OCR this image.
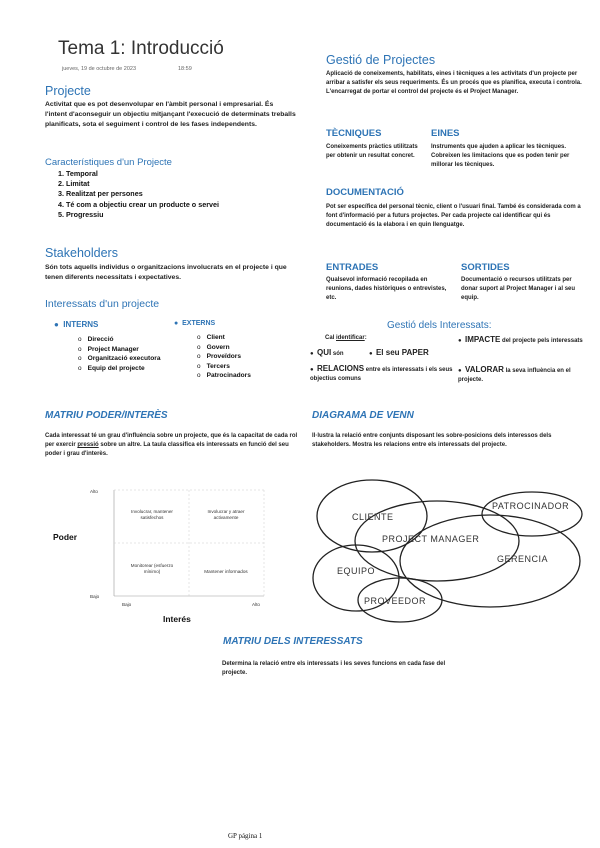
Tema 1: Introducció
jueves, 19 de octubre de 2023	18:59
Projecte
Activitat que es pot desenvolupar en l'àmbit personal i empresarial. És l'intent d'aconseguir un objectiu mitjançant l'execució de determinats treballs planificats, sota el seguiment i control de les fases independents.
Característiques d'un Projecte
1. Temporal
2. Limitat
3. Realitzat per persones
4. Té com a objectiu crear un producte o servei
5. Progressiu
Stakeholders
Són tots aquells individus o organitzacions involucrats en el projecte i que tenen diferents necessitats i expectatives.
Interessats d'un projecte
●  INTERNS
o Direcció
o Project Manager
o Organització executora
o Equip del projecte
●  EXTERNS
o Client
o Govern
o Proveïdors
o Tercers
o Patrocinadors
MATRIU PODER/INTERÈS
Cada interessat té un grau d'influència sobre un projecte, que és la capacitat de cada rol per exercir pressió sobre un altre. La taula classifica els interessats en funció del seu poder i grau d'interès.
Poder
Interés
Alto
Bajo
Bajo	Alto
Involucrar, mantener
satisfechos
Involucrar y atraer
activamente
Monitorear (esfuerzo
mínimo)	Mantener informados
Gestió de Projectes
Aplicació de coneixements, habilitats, eines i tècniques a les activitats d'un projecte per arribar a satisfer els seus requeriments. És un procés que es planifica, executa i controla. L'encarregat de portar el control del projecte és el Project Manager.
TÈCNIQUES
Coneixements pràctics utilitzats per obtenir un resultat concret.
EINES
Instruments que ajuden a aplicar les tècniques. Cobreixen les limitacions que es poden tenir per millorar les tècniques.
DOCUMENTACIÓ
Pot ser específica del personal tècnic, client o l'usuari final. També és considerada com a font d'informació per a futurs projectes. Per cada projecte cal identificar qui és documentació és la elabora i en quin llenguatge.
ENTRADES
Qualsevol informació recopilada en reunions, dades històriques o entrevistes, etc.
SORTIDES
Documentació o recursos utilitzats per donar suport al Project Manager i al seu equip.
Gestió dels Interessats:
Cal identificar:
●  QUI són	●  El seu PAPER
●  RELACIONS entre els interessats i els seus objectius comuns
●  IMPACTE del projecte pels interessats
●  VALORAR la seva influència en el projecte.
DIAGRAMA DE VENN
Il·lustra la relació entre conjunts disposant les sobre-posicions dels interessos dels stakeholders. Mostra les relacions entre els interessats del projecte.
CLIENTE
PROJECT MANAGER
PATROCINADOR
GERENCIA
EQUIPO
PROVEEDOR
MATRIU DELS INTERESSATS
Determina la relació entre els interessats i les seves funcions en cada fase del projecte.
GP página 1
